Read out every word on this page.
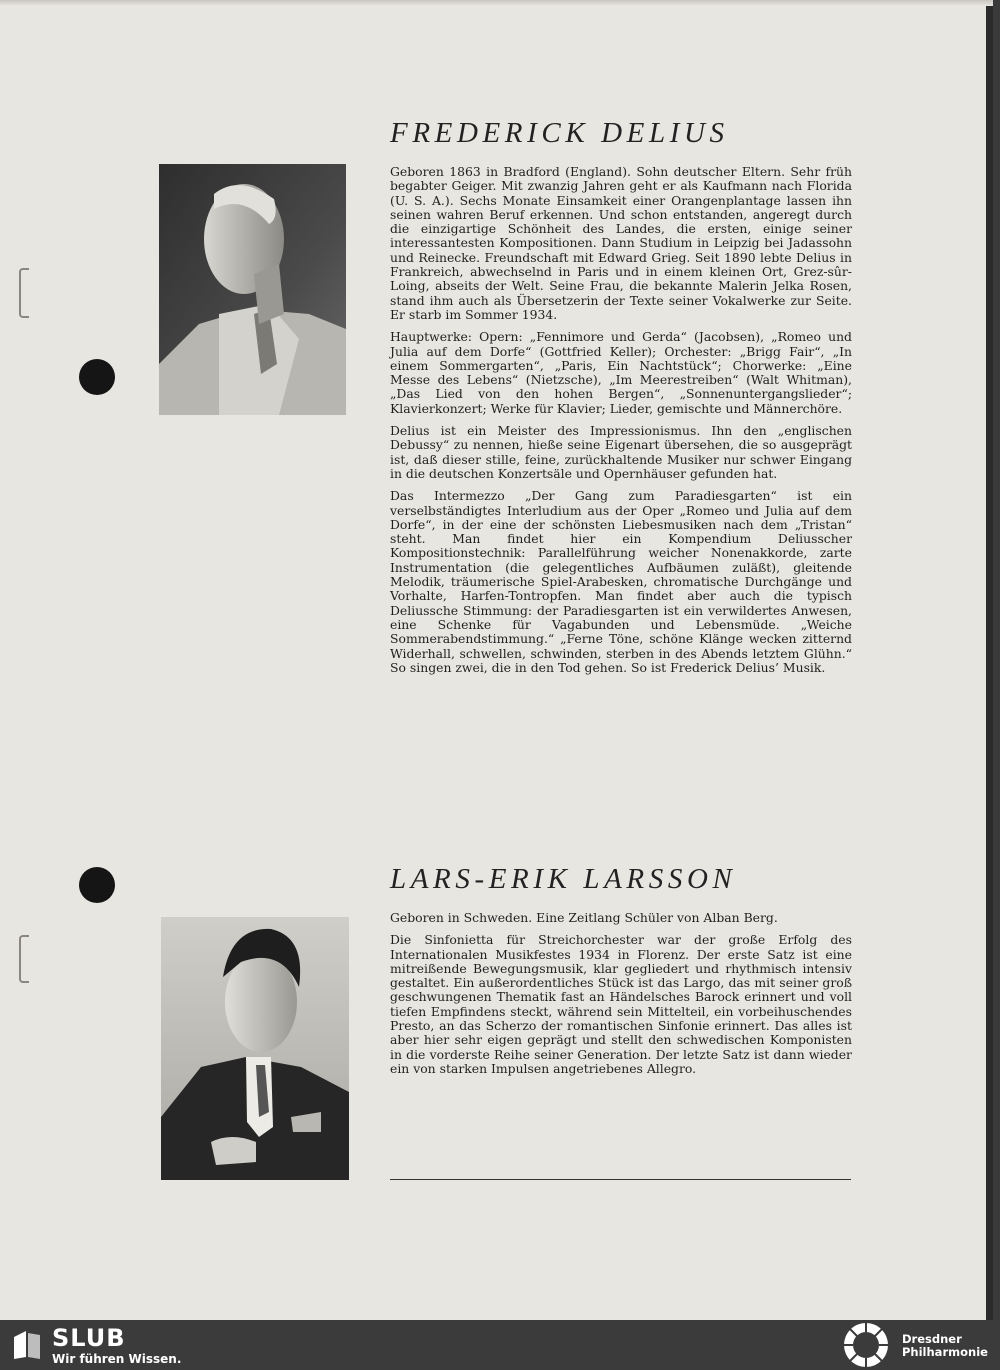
FREDERICK DELIUS

Geboren 1863 in Bradford (England). Sohn deutscher Eltern. Sehr früh begabter Geiger. Mit zwanzig Jahren geht er als Kaufmann nach Florida (U. S. A.). Sechs Monate Einsamkeit einer Orangenplantage lassen ihn seinen wahren Beruf erkennen. Und schon entstanden, angeregt durch die einzigartige Schönheit des Landes, die ersten, einige seiner interessantesten Kompositionen. Dann Studium in Leipzig bei Jadassohn und Reinecke. Freundschaft mit Edward Grieg. Seit 1890 lebte Delius in Frankreich, abwechselnd in Paris und in einem kleinen Ort, Grez-sûr-Loing, abseits der Welt. Seine Frau, die bekannte Malerin Jelka Rosen, stand ihm auch als Übersetzerin der Texte seiner Vokalwerke zur Seite. Er starb im Sommer 1934.

Hauptwerke: Opern: „Fennimore und Gerda“ (Jacobsen), „Romeo und Julia auf dem Dorfe“ (Gottfried Keller); Orchester: „Brigg Fair“, „In einem Sommergarten“, „Paris, Ein Nachtstück“; Chorwerke: „Eine Messe des Lebens“ (Nietzsche), „Im Meerestreiben“ (Walt Whitman), „Das Lied von den hohen Bergen“, „Sonnenuntergangslieder“; Klavierkonzert; Werke für Klavier; Lieder, gemischte und Männerchöre.

Delius ist ein Meister des Impressionismus. Ihn den „englischen Debussy“ zu nennen, hieße seine Eigenart übersehen, die so ausgeprägt ist, daß dieser stille, feine, zurückhaltende Musiker nur schwer Eingang in die deutschen Konzertsäle und Opernhäuser gefunden hat.

Das Intermezzo „Der Gang zum Paradiesgarten“ ist ein verselbständigtes Interludium aus der Oper „Romeo und Julia auf dem Dorfe“, in der eine der schönsten Liebesmusiken nach dem „Tristan“ steht. Man findet hier ein Kompendium Deliusscher Kompositionstechnik: Parallelführung weicher Nonenakkorde, zarte Instrumentation (die gelegentliches Aufbäumen zuläßt), gleitende Melodik, träumerische Spiel-Arabesken, chromatische Durchgänge und Vorhalte, Harfen-Tontropfen. Man findet aber auch die typisch Deliussche Stimmung: der Paradiesgarten ist ein verwildertes Anwesen, eine Schenke für Vagabunden und Lebensmüde. „Weiche Sommerabendstimmung.“ „Ferne Töne, schöne Klänge wecken zitternd Widerhall, schwellen, schwinden, sterben in des Abends letztem Glühn.“ So singen zwei, die in den Tod gehen. So ist Frederick Delius’ Musik.

LARS-ERIK LARSSON

Geboren in Schweden. Eine Zeitlang Schüler von Alban Berg.

Die Sinfonietta für Streichorchester war der große Erfolg des Internationalen Musikfestes 1934 in Florenz. Der erste Satz ist eine mitreißende Bewegungsmusik, klar gegliedert und rhythmisch intensiv gestaltet. Ein außerordentliches Stück ist das Largo, das mit seiner groß geschwungenen Thematik fast an Händelsches Barock erinnert und voll tiefen Empfindens steckt, während sein Mittelteil, ein vorbeihuschendes Presto, an das Scherzo der romantischen Sinfonie erinnert. Das alles ist aber hier sehr eigen geprägt und stellt den schwedischen Komponisten in die vorderste Reihe seiner Generation. Der letzte Satz ist dann wieder ein von starken Impulsen angetriebenes Allegro.

SLUB
Wir führen Wissen.
Dresdner
Philharmonie
